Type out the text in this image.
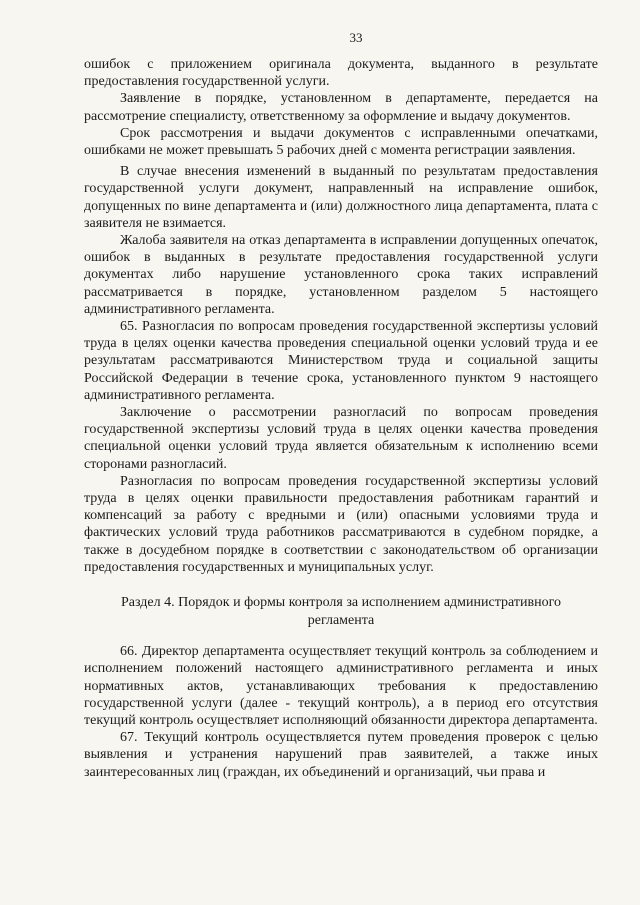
33

ошибок с приложением оригинала документа, выданного в результате предоставления государственной услуги.

Заявление в порядке, установленном в департаменте, передается на рассмотрение специалисту, ответственному за оформление и выдачу документов.

Срок рассмотрения и выдачи документов с исправленными опечатками, ошибками не может превышать 5 рабочих дней с момента регистрации заявления.

В случае внесения изменений в выданный по результатам предоставления государственной услуги документ, направленный на исправление ошибок, допущенных по вине департамента и (или) должностного лица департамента, плата с заявителя не взимается.

Жалоба заявителя на отказ департамента в исправлении допущенных опечаток, ошибок в выданных в результате предоставления государственной услуги документах либо нарушение установленного срока таких исправлений рассматривается в порядке, установленном разделом 5 настоящего административного регламента.

65. Разногласия по вопросам проведения государственной экспертизы условий труда в целях оценки качества проведения специальной оценки условий труда и ее результатам рассматриваются Министерством труда и социальной защиты Российской Федерации в течение срока, установленного пунктом 9 настоящего административного регламента.

Заключение о рассмотрении разногласий по вопросам проведения государственной экспертизы условий труда в целях оценки качества проведения специальной оценки условий труда является обязательным к исполнению всеми сторонами разногласий.

Разногласия по вопросам проведения государственной экспертизы условий труда в целях оценки правильности предоставления работникам гарантий и компенсаций за работу с вредными и (или) опасными условиями труда и фактических условий труда работников рассматриваются в судебном порядке, а также в досудебном порядке в соответствии с законодательством об организации предоставления государственных и муниципальных услуг.

Раздел 4. Порядок и формы контроля за исполнением административного регламента

66. Директор департамента осуществляет текущий контроль за соблюдением и исполнением положений настоящего административного регламента и иных нормативных актов, устанавливающих требования к предоставлению государственной услуги (далее - текущий контроль), а в период его отсутствия текущий контроль осуществляет исполняющий обязанности директора департамента.

67. Текущий контроль осуществляется путем проведения проверок с целью выявления и устранения нарушений прав заявителей, а также иных заинтересованных лиц (граждан, их объединений и организаций, чьи права и
